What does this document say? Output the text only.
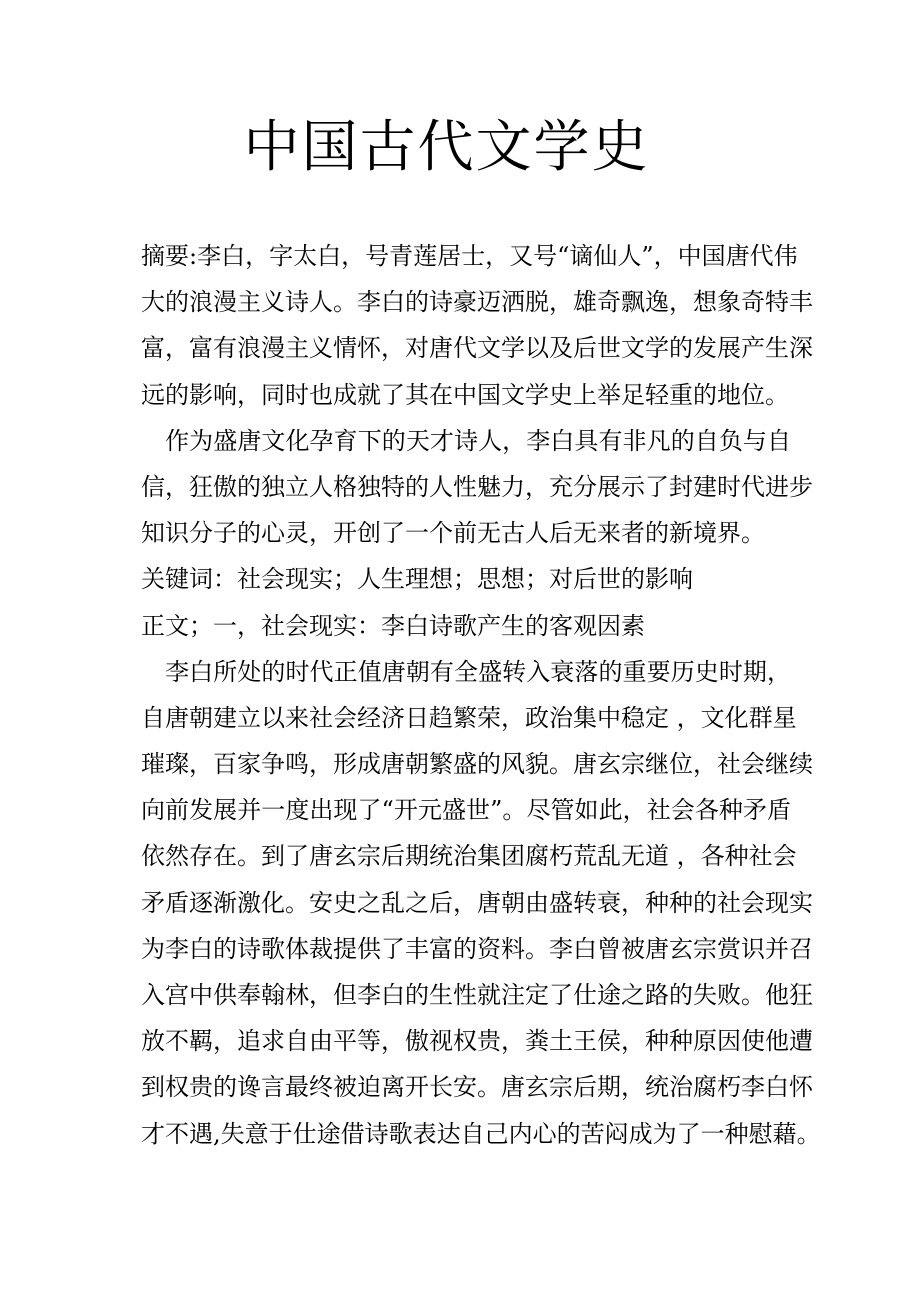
中国古代文学史
摘要:李白，字太白，号青莲居士，又号“谪仙人”，中国唐代伟
大的浪漫主义诗人。李白的诗豪迈洒脱，雄奇飘逸，想象奇特丰
富，富有浪漫主义情怀，对唐代文学以及后世文学的发展产生深
远的影响，同时也成就了其在中国文学史上举足轻重的地位。
　作为盛唐文化孕育下的天才诗人，李白具有非凡的自负与自
信，狂傲的独立人格独特的人性魅力，充分展示了封建时代进步
知识分子的心灵，开创了一个前无古人后无来者的新境界。
关键词：社会现实；人生理想；思想；对后世的影响
正文；一，社会现实：李白诗歌产生的客观因素
　李白所处的时代正值唐朝有全盛转入衰落的重要历史时期，
自唐朝建立以来社会经济日趋繁荣，政治集中稳定 ，文化群星
璀璨，百家争鸣，形成唐朝繁盛的风貌。唐玄宗继位，社会继续
向前发展并一度出现了“开元盛世”。尽管如此，社会各种矛盾
依然存在。到了唐玄宗后期统治集团腐朽荒乱无道 ，各种社会
矛盾逐渐激化。安史之乱之后，唐朝由盛转衰，种种的社会现实
为李白的诗歌体裁提供了丰富的资料。李白曾被唐玄宗赏识并召
入宫中供奉翰林，但李白的生性就注定了仕途之路的失败。他狂
放不羁，追求自由平等，傲视权贵，粪土王侯，种种原因使他遭
到权贵的谗言最终被迫离开长安。唐玄宗后期，统治腐朽李白怀
才不遇,失意于仕途借诗歌表达自己内心的苦闷成为了一种慰藉。
